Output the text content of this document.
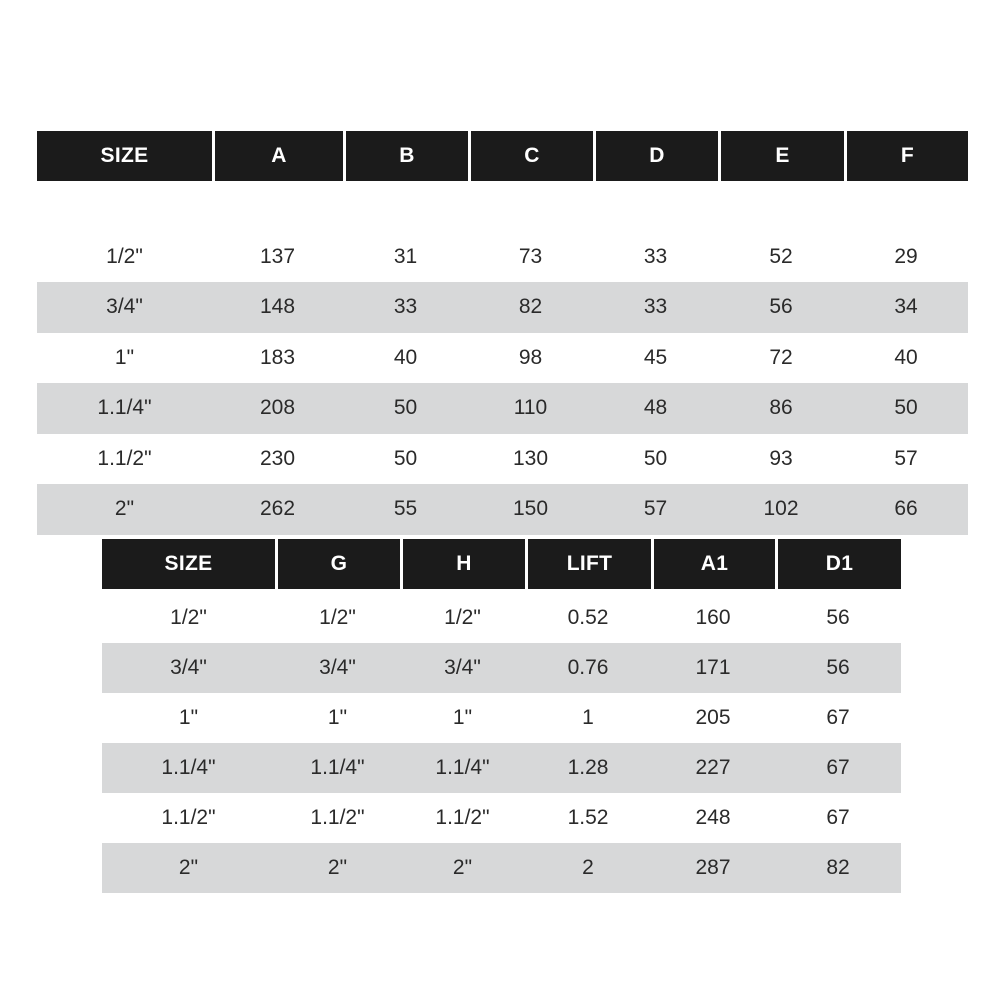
SIZE	A	B	C	D	E	F

1/2"	137	31	73	33	52	29
3/4"	148	33	82	33	56	34
1"	183	40	98	45	72	40
1.1/4"	208	50	110	48	86	50
1.1/2"	230	50	130	50	93	57
2"	262	55	150	57	102	66
SIZE	G	H	LIFT	A1	D1

1/2"	1/2"	1/2"	0.52	160	56
3/4"	3/4"	3/4"	0.76	171	56
1"	1"	1"	1	205	67
1.1/4"	1.1/4"	1.1/4"	1.28	227	67
1.1/2"	1.1/2"	1.1/2"	1.52	248	67
2"	2"	2"	2	287	82
